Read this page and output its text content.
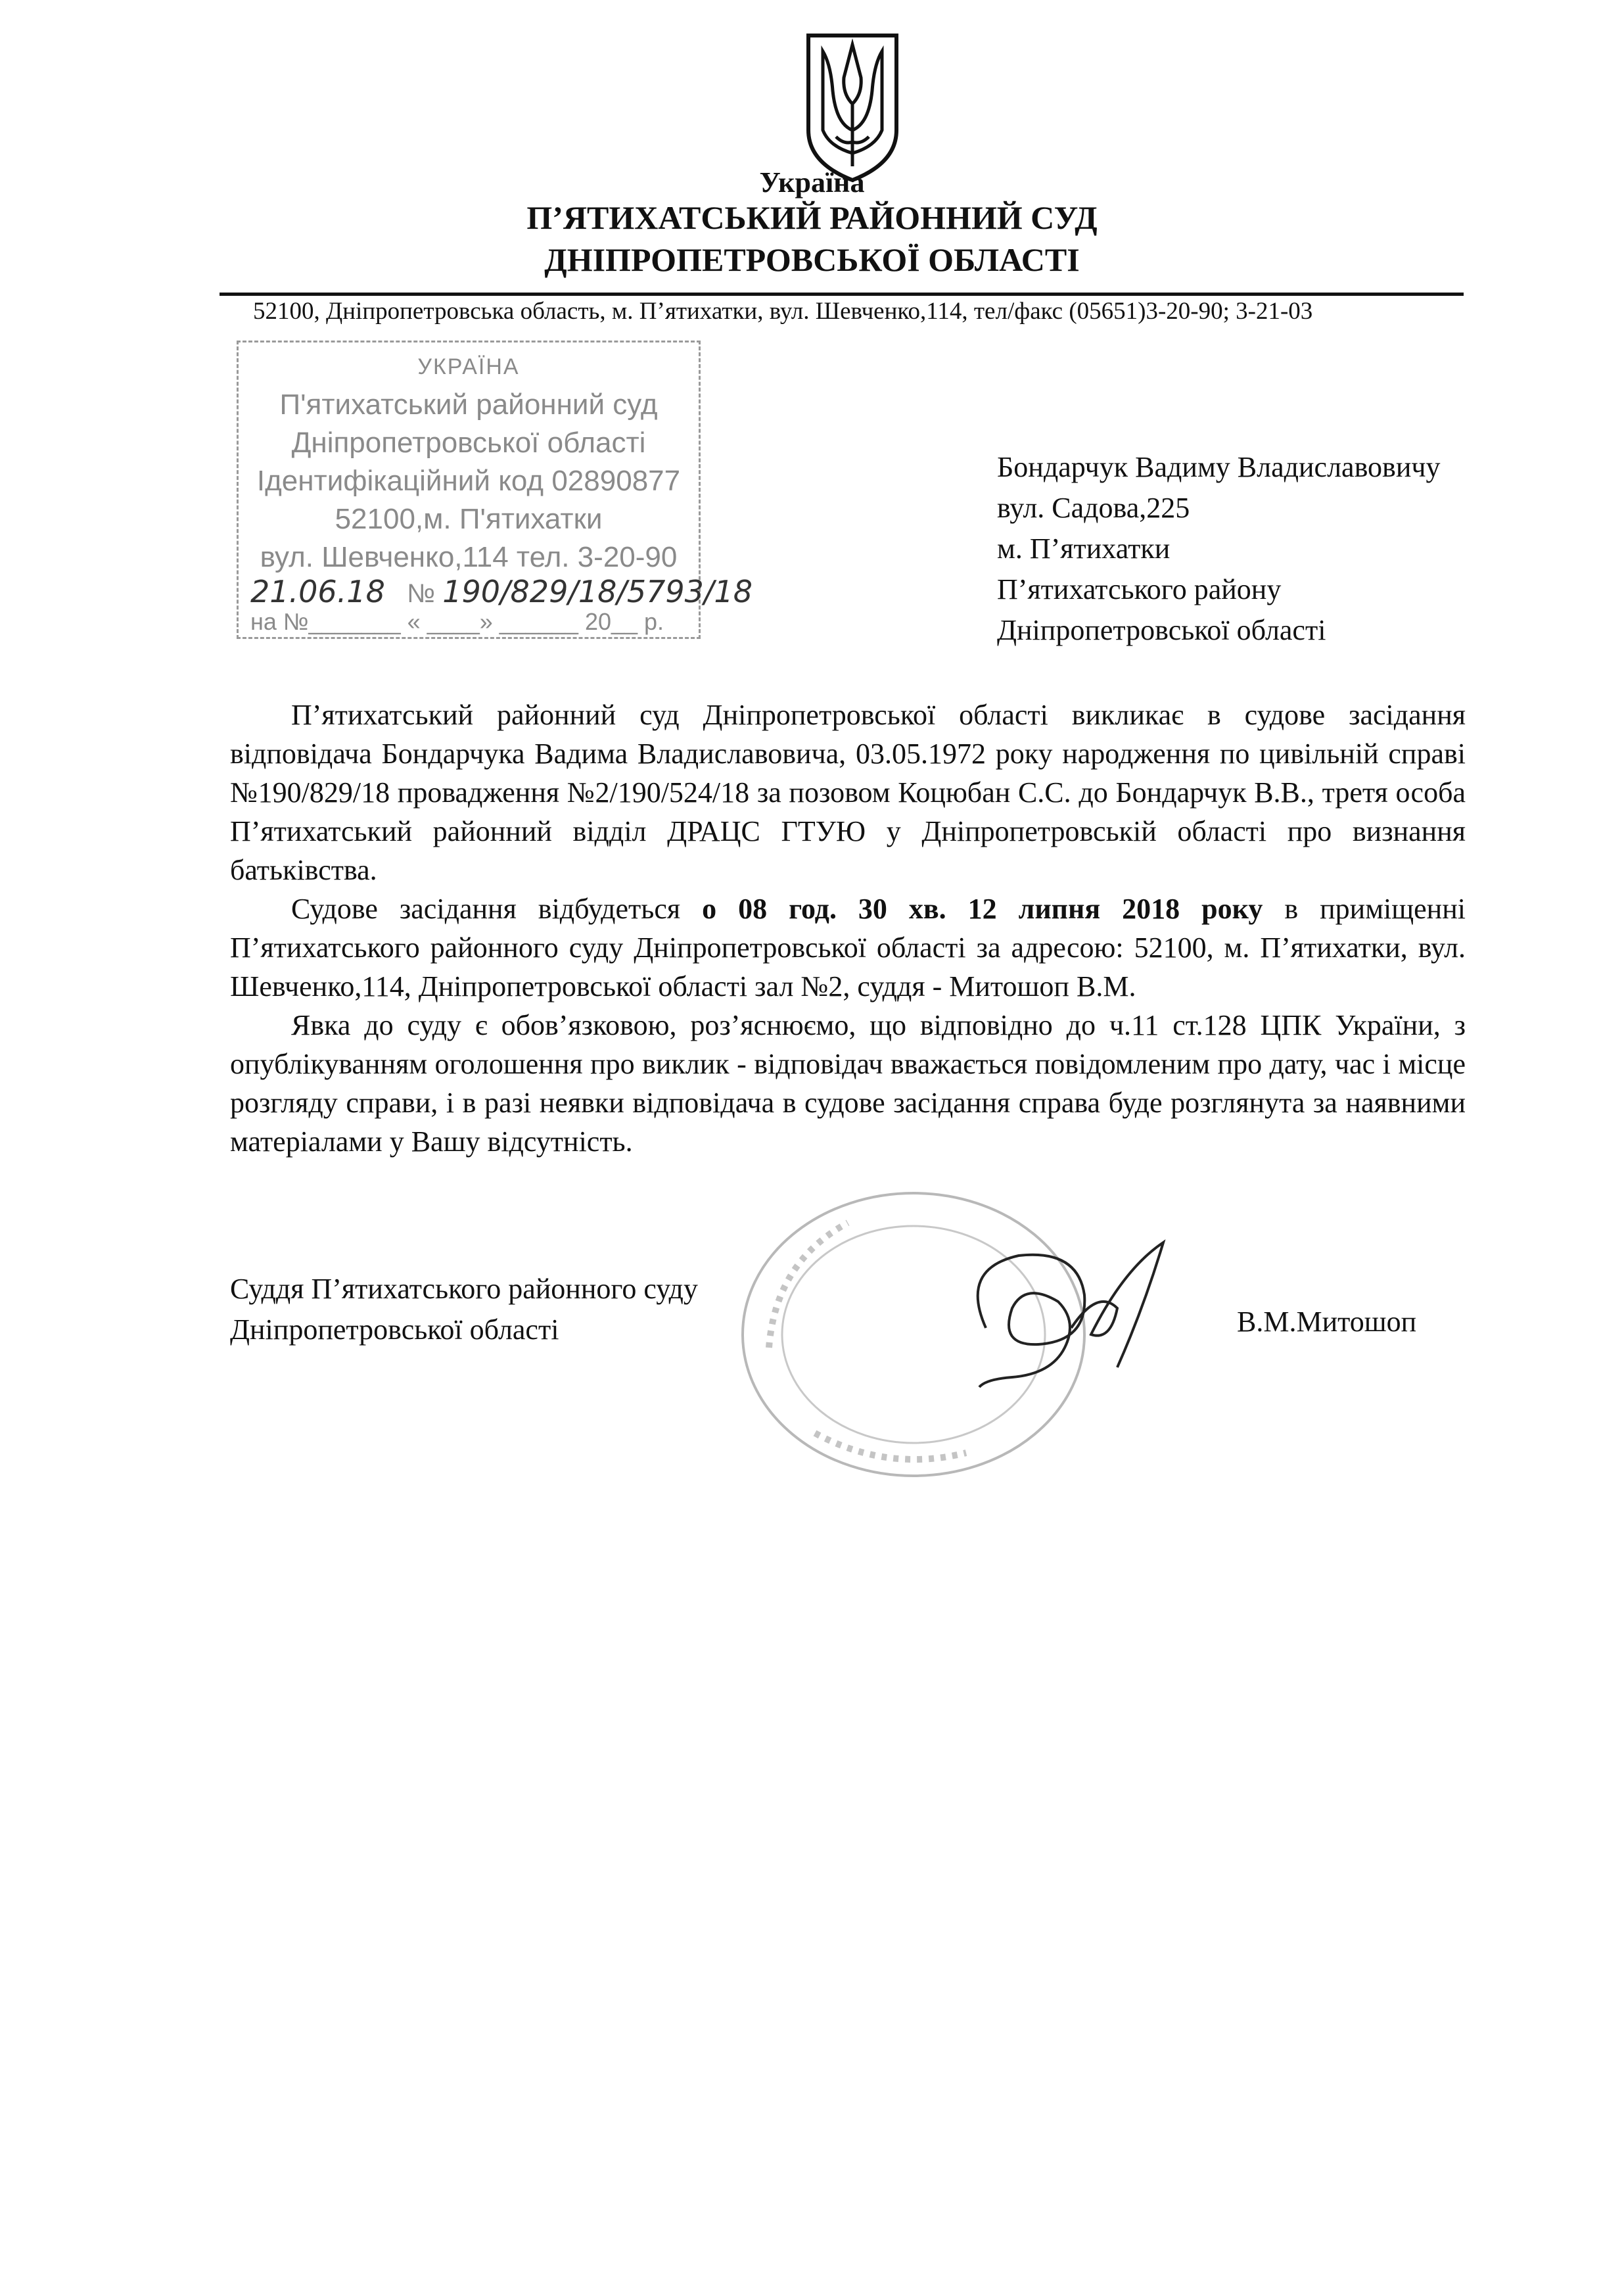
Україна
П’ЯТИХАТСЬКИЙ РАЙОННИЙ СУД
ДНІПРОПЕТРОВСЬКОЇ ОБЛАСТІ
52100, Дніпропетровська область, м. П’ятихатки, вул. Шевченко,114, тел/факс (05651)3-20-90; 3-21-03
УКРАЇНА
П'ятихатський районний суд
Дніпропетровської області
Ідентифікаційний код 02890877
52100,м. П'ятихатки
вул. Шевченко,114 тел. 3-20-90
21.06.18 № 190/829/18/5793/18
на №_______ « ____» ______ 20__ р.
Бондарчук Вадиму Владиславовичу
вул. Садова,225
м. П’ятихатки
П’ятихатського району
Дніпропетровської області

П’ятихатський районний суд Дніпропетровської області викликає в судове засідання відповідача Бондарчука Вадима Владиславовича, 03.05.1972 року народження по цивільній справі №190/829/18 провадження №2/190/524/18 за позовом Коцюбан С.С. до Бондарчук В.В., третя особа П’ятихатський районний відділ ДРАЦС ГТУЮ у Дніпропетровській області про визнання батьківства.

Судове засідання відбудеться о 08 год. 30 хв. 12 липня 2018 року в приміщенні П’ятихатського районного суду Дніпропетровської області за адресою: 52100, м. П’ятихатки, вул. Шевченко,114, Дніпропетровської області зал №2, суддя - Митошоп В.М.

Явка до суду є обов’язковою, роз’яснюємо, що відповідно до ч.11 ст.128 ЦПК України, з опублікуванням оголошення про виклик - відповідач вважається повідомленим про дату, час і місце розгляду справи, і в разі неявки відповідача в судове засідання справа буде розглянута за наявними матеріалами у Вашу відсутність.

Суддя П’ятихатського районного суду
Дніпропетровської області	В.М.Митошоп
